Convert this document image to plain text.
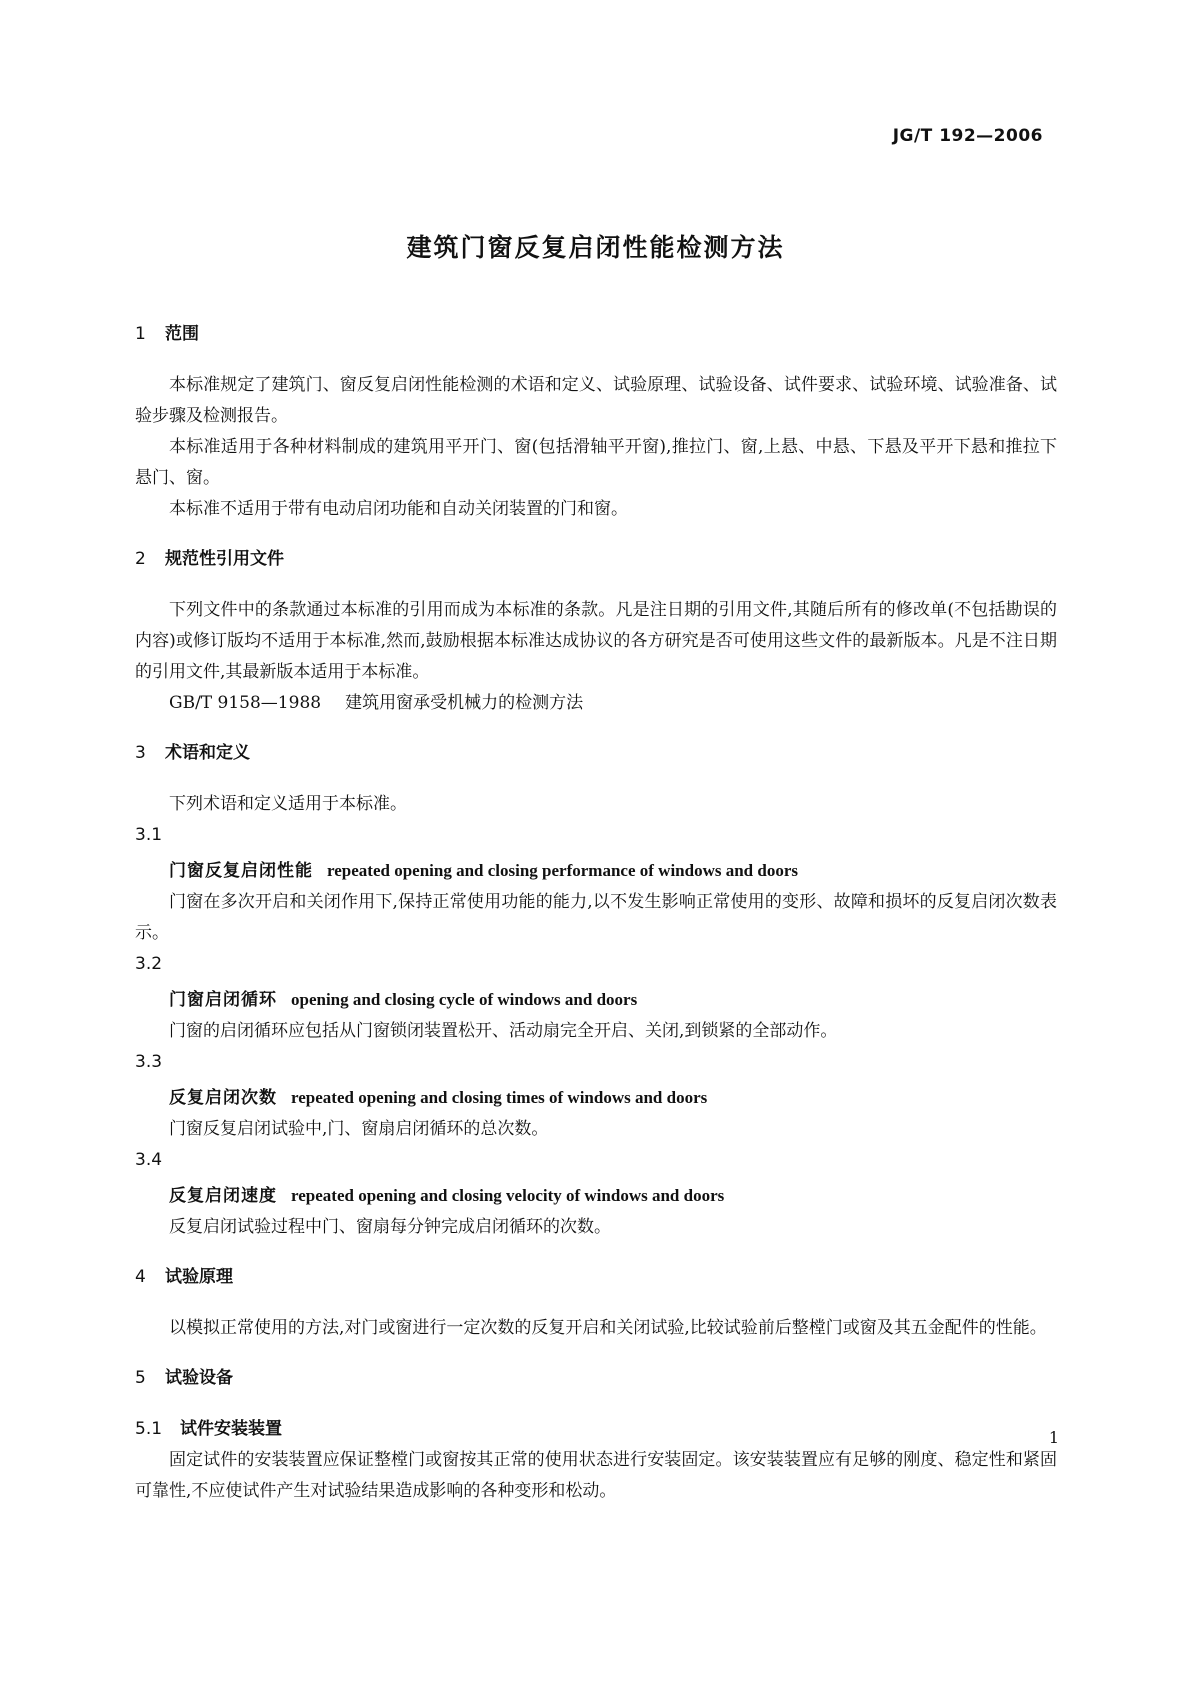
JG/T 192—2006
建筑门窗反复启闭性能检测方法
1 范围

本标准规定了建筑门、窗反复启闭性能检测的术语和定义、试验原理、试验设备、试件要求、试验环境、试验准备、试验步骤及检测报告。

本标准适用于各种材料制成的建筑用平开门、窗(包括滑轴平开窗),推拉门、窗,上悬、中悬、下悬及平开下悬和推拉下悬门、窗。

本标准不适用于带有电动启闭功能和自动关闭装置的门和窗。

2 规范性引用文件

下列文件中的条款通过本标准的引用而成为本标准的条款。凡是注日期的引用文件,其随后所有的修改单(不包括勘误的内容)或修订版均不适用于本标准,然而,鼓励根据本标准达成协议的各方研究是否可使用这些文件的最新版本。凡是不注日期的引用文件,其最新版本适用于本标准。

GB/T 9158—1988 建筑用窗承受机械力的检测方法

3 术语和定义

下列术语和定义适用于本标准。

3.1
门窗反复启闭性能 repeated opening and closing performance of windows and doors

门窗在多次开启和关闭作用下,保持正常使用功能的能力,以不发生影响正常使用的变形、故障和损坏的反复启闭次数表示。

3.2
门窗启闭循环 opening and closing cycle of windows and doors

门窗的启闭循环应包括从门窗锁闭装置松开、活动扇完全开启、关闭,到锁紧的全部动作。

3.3
反复启闭次数 repeated opening and closing times of windows and doors

门窗反复启闭试验中,门、窗扇启闭循环的总次数。

3.4
反复启闭速度 repeated opening and closing velocity of windows and doors

反复启闭试验过程中门、窗扇每分钟完成启闭循环的次数。

4 试验原理

以模拟正常使用的方法,对门或窗进行一定次数的反复开启和关闭试验,比较试验前后整樘门或窗及其五金配件的性能。

5 试验设备
5.1 试件安装装置

固定试件的安装装置应保证整樘门或窗按其正常的使用状态进行安装固定。该安装装置应有足够的刚度、稳定性和紧固可靠性,不应使试件产生对试验结果造成影响的各种变形和松动。

1
